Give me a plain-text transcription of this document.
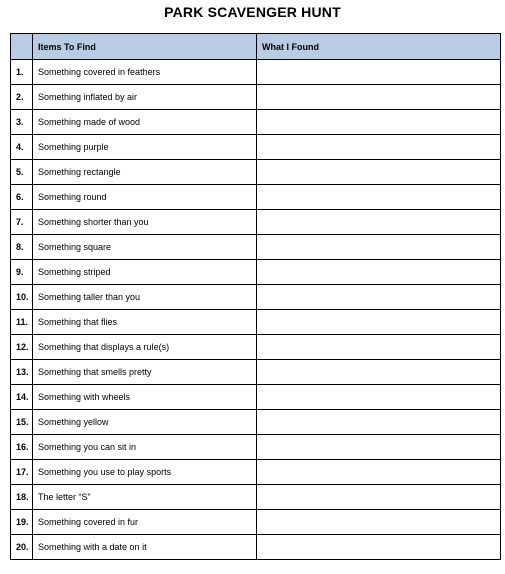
PARK SCAVENGER HUNT
	Items To Find	What I Found
1.	Something covered in feathers	
2.	Something inflated by air	
3.	Something made of wood	
4.	Something purple	
5.	Something rectangle	
6.	Something round	
7.	Something shorter than you	
8.	Something square	
9.	Something striped	
10.	Something taller than you	
11.	Something that flies	
12.	Something that displays a rule(s)	
13.	Something that smells pretty	
14.	Something with wheels	
15.	Something yellow	
16.	Something you can sit in	
17.	Something you use to play sports	
18.	The letter “S”	
19.	Something covered in fur	
20.	Something with a date on it	
